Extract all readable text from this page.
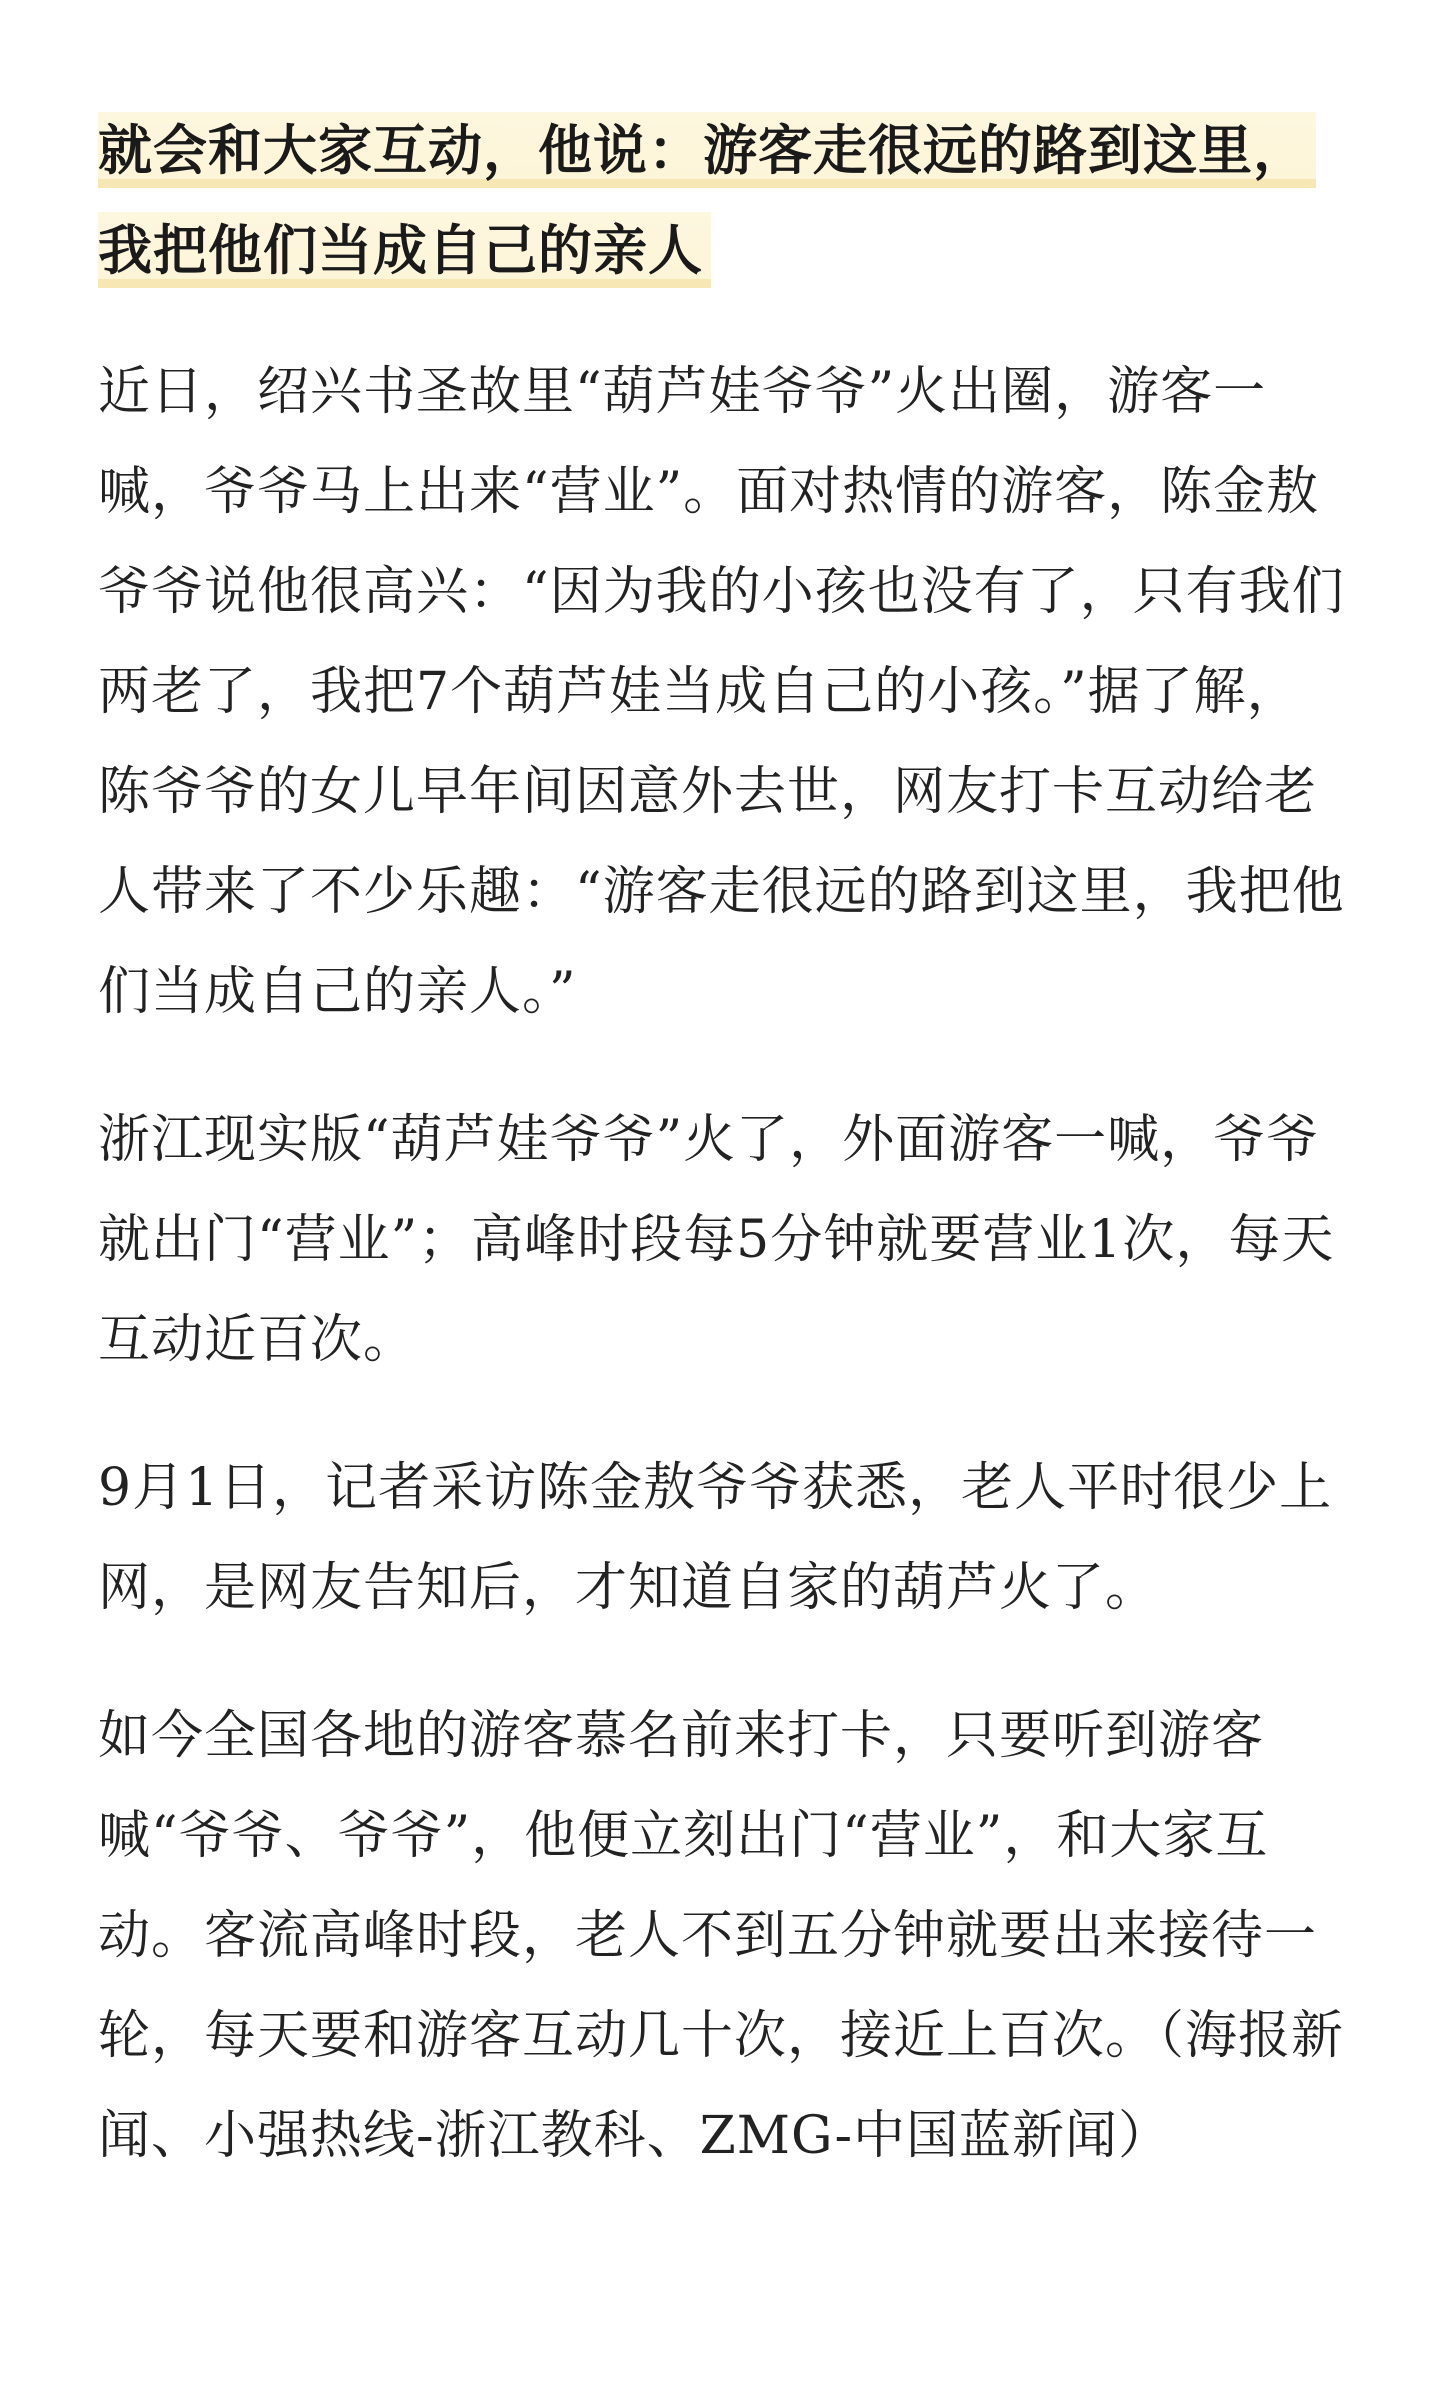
就会和大家互动，他说：游客走很远的路到这里，我把他们当成自己的亲人

近日，绍兴书圣故里“葫芦娃爷爷”火出圈，游客一喊，爷爷马上出来“营业”。面对热情的游客，陈金敖爷爷说他很高兴：“因为我的小孩也没有了，只有我们两老了，我把7个葫芦娃当成自己的小孩。”据了解，陈爷爷的女儿早年间因意外去世，网友打卡互动给老人带来了不少乐趣：“游客走很远的路到这里，我把他们当成自己的亲人。”

浙江现实版“葫芦娃爷爷”火了，外面游客一喊，爷爷就出门“营业”；高峰时段每5分钟就要营业1次，每天互动近百次。

9月1日，记者采访陈金敖爷爷获悉，老人平时很少上网，是网友告知后，才知道自家的葫芦火了。

如今全国各地的游客慕名前来打卡，只要听到游客喊“爷爷、爷爷”，他便立刻出门“营业”，和大家互动。客流高峰时段，老人不到五分钟就要出来接待一轮，每天要和游客互动几十次，接近上百次。（海报新闻、小强热线-浙江教科、ZMG-中国蓝新闻）
